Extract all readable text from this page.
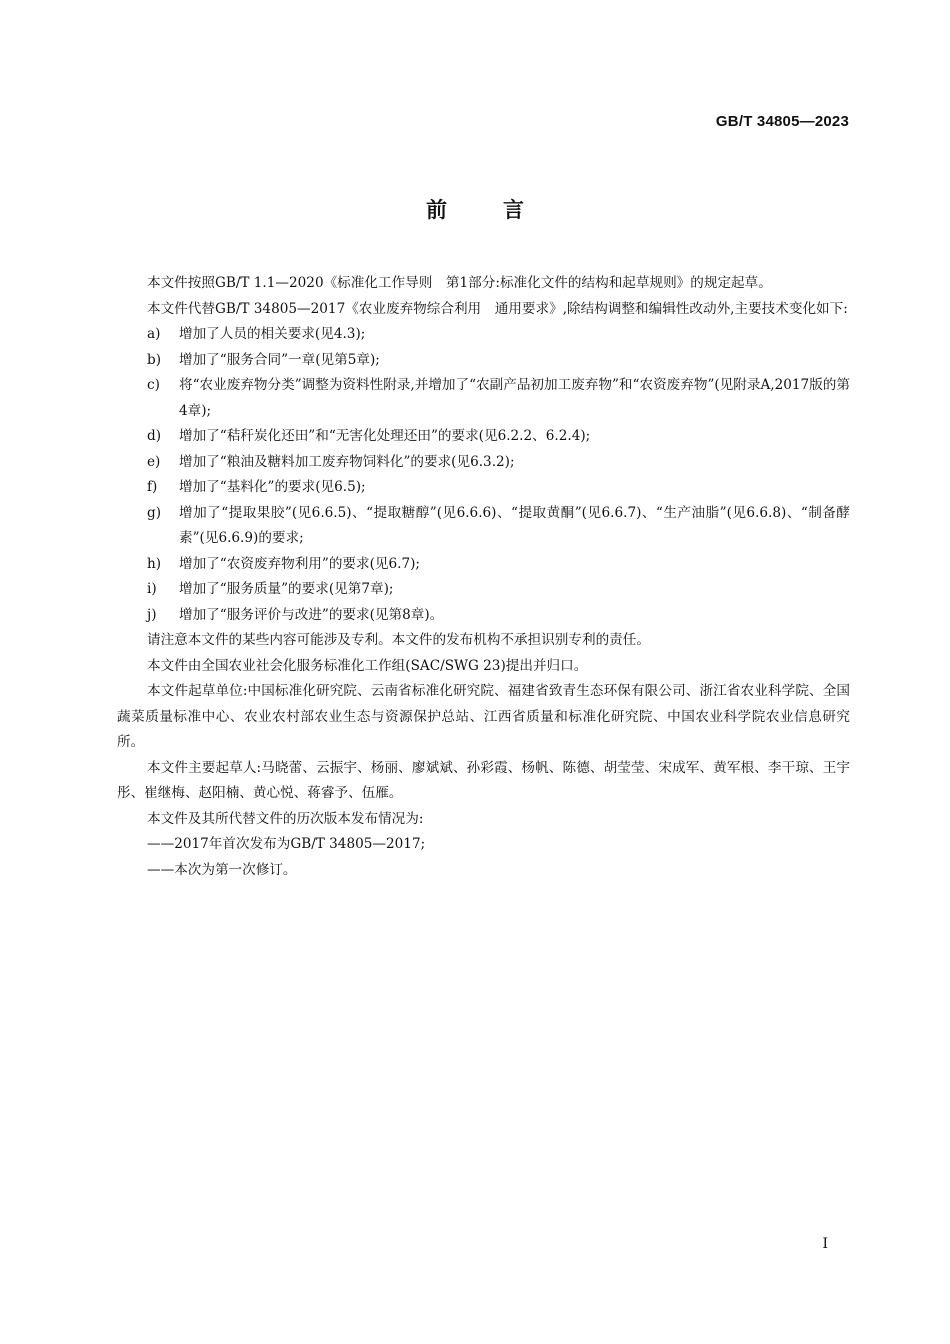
GB/T 34805—2023
前言

本文件按照GB/T 1.1—2020《标准化工作导则　第1部分:标准化文件的结构和起草规则》的规定起草。

本文件代替GB/T 34805—2017《农业废弃物综合利用　通用要求》,除结构调整和编辑性改动外,主要技术变化如下:

a) 增加了人员的相关要求(见4.3);

b) 增加了“服务合同”一章(见第5章);

c) 将“农业废弃物分类”调整为资料性附录,并增加了“农副产品初加工废弃物”和“农资废弃物”(见附录A,2017版的第4章);

d) 增加了“秸秆炭化还田”和“无害化处理还田”的要求(见6.2.2、6.2.4);

e) 增加了“粮油及糖料加工废弃物饲料化”的要求(见6.3.2);

f) 增加了“基料化”的要求(见6.5);

g) 增加了“提取果胶”(见6.6.5)、“提取糖醇”(见6.6.6)、“提取黄酮”(见6.6.7)、“生产油脂”(见6.6.8)、“制备酵素”(见6.6.9)的要求;

h) 增加了“农资废弃物利用”的要求(见6.7);

i) 增加了“服务质量”的要求(见第7章);

j) 增加了“服务评价与改进”的要求(见第8章)。

请注意本文件的某些内容可能涉及专利。本文件的发布机构不承担识别专利的责任。

本文件由全国农业社会化服务标准化工作组(SAC/SWG 23)提出并归口。

本文件起草单位:中国标准化研究院、云南省标准化研究院、福建省致青生态环保有限公司、浙江省农业科学院、全国蔬菜质量标准中心、农业农村部农业生态与资源保护总站、江西省质量和标准化研究院、中国农业科学院农业信息研究所。

本文件主要起草人:马晓蕾、云振宇、杨丽、廖斌斌、孙彩霞、杨帆、陈德、胡莹莹、宋成军、黄军根、李干琼、王宇彤、崔继梅、赵阳楠、黄心悦、蒋睿予、伍雁。

本文件及其所代替文件的历次版本发布情况为:

——2017年首次发布为GB/T 34805—2017;

——本次为第一次修订。

I
